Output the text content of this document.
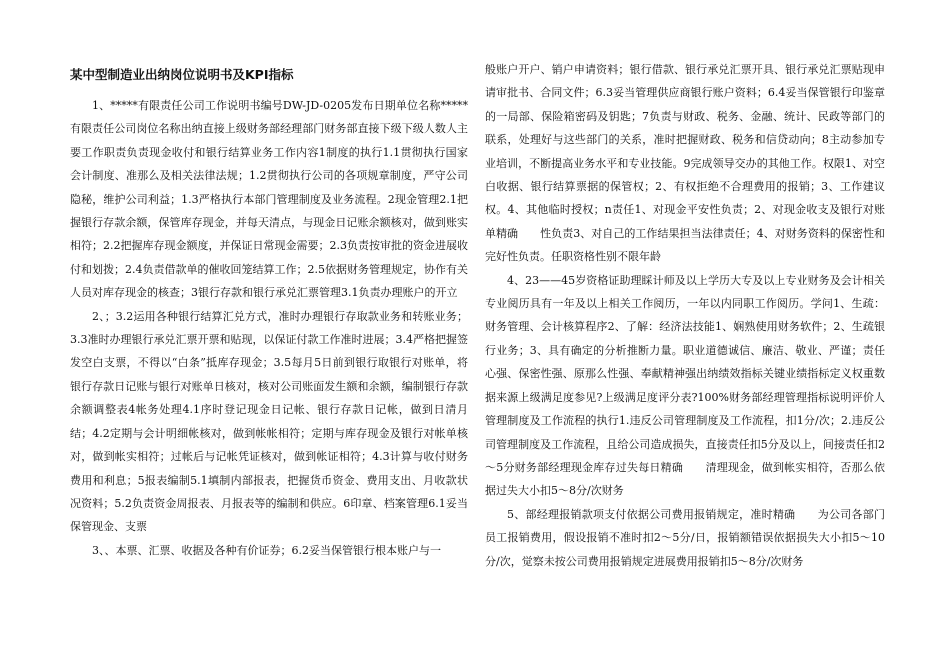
某中型制造业出纳岗位说明书及KPI指标

1、*****有限责任公司工作说明书编号DW-JD-0205发布日期单位名称*****有限责任公司岗位名称出纳直接上级财务部经理部门财务部直接下级下级人数人主要工作职责负责现金收付和银行结算业务工作内容1制度的执行1.1贯彻执行国家会计制度、准那么及相关法律法规；1.2贯彻执行公司的各项规章制度，严守公司隐秘，维护公司利益；1.3严格执行本部门管理制度及业务流程。2现金管理2.1把握银行存款余额，保管库存现金，并每天清点，与现金日记账余额核对，做到账实相符；2.2把握库存现金额度，并保证日常现金需要；2.3负责按审批的资金进展收付和划拨；2.4负责借款单的催收回笼结算工作；2.5依据财务管理规定，协作有关人员对库存现金的核查；3银行存款和银行承兑汇票管理3.1负责办理账户的开立

2、；3.2运用各种银行结算汇兑方式，准时办理银行存取款业务和转账业务；3.3准时办理银行承兑汇票开票和贴现，以保证付款工作准时进展；3.4严格把握签发空白支票，不得以“白条”抵库存现金；3.5每月5日前到银行取银行对账单，将银行存款日记账与银行对账单日核对，核对公司账面发生额和余额，编制银行存款余额调整表4帐务处理4.1序时登记现金日记帐、银行存款日记帐，做到日清月结；4.2定期与会计明细帐核对，做到帐帐相符；定期与库存现金及银行对帐单核对，做到帐实相符；过帐后与记帐凭证核对，做到帐证相符；4.3计算与收付财务费用和利息；5报表编制5.1填制内部报表，把握货币资金、费用支出、月收款状况资料；5.2负责资金周报表、月报表等的编制和供应。6印章、档案管理6.1妥当保管现金、支票

3、、本票、汇票、收据及各种有价证券；6.2妥当保管银行根本账户与一

般账户开户、销户申请资料；银行借款、银行承兑汇票开具、银行承兑汇票贴现申请审批书、合同文件；6.3妥当管理供应商银行账户资料；6.4妥当保管银行印鉴章的一局部、保险箱密码及钥匙；7负责与财政、税务、金融、统计、民政等部门的联系，处理好与这些部门的关系，准时把握财政、税务和信贷动向；8主动参加专业培训，不断提高业务水平和专业技能。9完成领导交办的其他工作。权限1、对空白收据、银行结算票据的保管权；2、有权拒绝不合理费用的报销；3、工作建议权。4、其他临时授权；n责任1、对现金平安性负责；2、对现金收支及银行对账单精确　　性负责3、对自己的工作结果担当法律责任；4、对财务资料的保密性和完好性负责。任职资格性别不限年龄

4、23——45岁资格证助理睬计师及以上学历大专及以上专业财务及会计相关专业阅历具有一年及以上相关工作阅历，一年以内同职工作阅历。学问1、生疏：财务管理、会计核算程序2、了解：经济法技能1、娴熟使用财务软件；2、生疏银行业务；3、具有确定的分析推断力量。职业道德诚信、廉洁、敬业、严谨；责任心强、保密性强、原那么性强、奉献精神强出纳绩效指标关键业绩指标定义权重数据来源上级满足度参见?上级满足度评分表?100%财务部经理管理指标说明评价人管理制度及工作流程的执行1.违反公司管理制度及工作流程，扣1分/次；2.违反公司管理制度及工作流程，且给公司造成损失，直接责任扣5分及以上，间接责任扣2～5分财务部经理现金库存过失每日精确　　清理现金，做到帐实相符，否那么依据过失大小扣5～8分/次财务

5、部经理报销款项支付依据公司费用报销规定，准时精确　　为公司各部门员工报销费用，假设报销不准时扣2～5分/日，报销额错误依据损失大小扣5～10分/次，觉察未按公司费用报销规定进展费用报销扣5～8分/次财务
